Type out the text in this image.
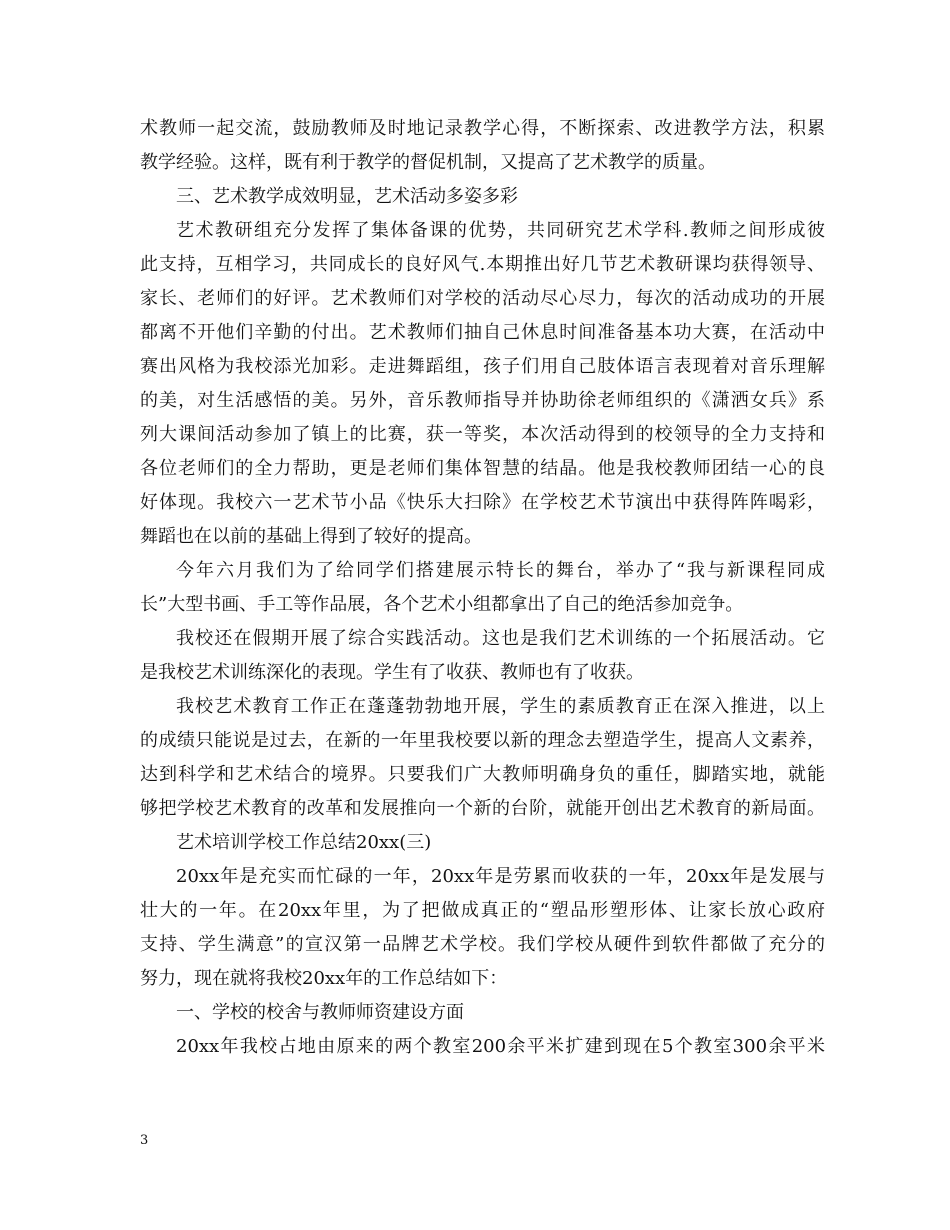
术教师一起交流，鼓励教师及时地记录教学心得，不断探索、改进教学方法，积累
教学经验。这样，既有利于教学的督促机制，又提高了艺术教学的质量。
三、艺术教学成效明显，艺术活动多姿多彩
艺术教研组充分发挥了集体备课的优势，共同研究艺术学科.教师之间形成彼
此支持，互相学习，共同成长的良好风气.本期推出好几节艺术教研课均获得领导、
家长、老师们的好评。艺术教师们对学校的活动尽心尽力，每次的活动成功的开展
都离不开他们辛勤的付出。艺术教师们抽自己休息时间准备基本功大赛，在活动中
赛出风格为我校添光加彩。走进舞蹈组，孩子们用自己肢体语言表现着对音乐理解
的美，对生活感悟的美。另外，音乐教师指导并协助徐老师组织的《潇洒女兵》系
列大课间活动参加了镇上的比赛，获一等奖，本次活动得到的校领导的全力支持和
各位老师们的全力帮助，更是老师们集体智慧的结晶。他是我校教师团结一心的良
好体现。我校六一艺术节小品《快乐大扫除》在学校艺术节演出中获得阵阵喝彩，
舞蹈也在以前的基础上得到了较好的提高。
今年六月我们为了给同学们搭建展示特长的舞台，举办了“我与新课程同成
长”大型书画、手工等作品展，各个艺术小组都拿出了自己的绝活参加竞争。
我校还在假期开展了综合实践活动。这也是我们艺术训练的一个拓展活动。它
是我校艺术训练深化的表现。学生有了收获、教师也有了收获。
我校艺术教育工作正在蓬蓬勃勃地开展，学生的素质教育正在深入推进，以上
的成绩只能说是过去，在新的一年里我校要以新的理念去塑造学生，提高人文素养，
达到科学和艺术结合的境界。只要我们广大教师明确身负的重任，脚踏实地，就能
够把学校艺术教育的改革和发展推向一个新的台阶，就能开创出艺术教育的新局面。
艺术培训学校工作总结20xx(三)
20xx年是充实而忙碌的一年，20xx年是劳累而收获的一年，20xx年是发展与
壮大的一年。在20xx年里，为了把做成真正的“塑品形塑形体、让家长放心政府
支持、学生满意”的宣汉第一品牌艺术学校。我们学校从硬件到软件都做了充分的
努力，现在就将我校20xx年的工作总结如下：
一、学校的校舍与教师师资建设方面
20xx年我校占地由原来的两个教室200余平米扩建到现在5个教室300余平米
3
